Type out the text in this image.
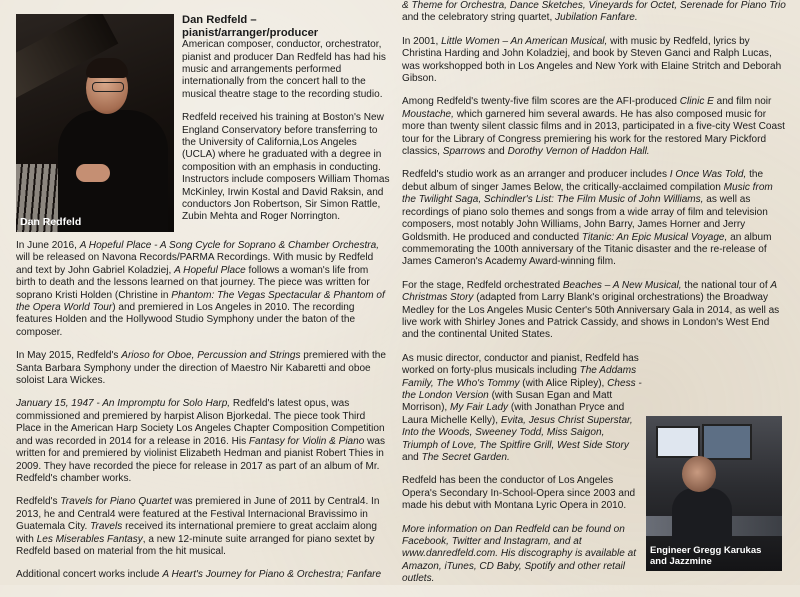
Dan Redfeld
Dan Redfeld –
pianist/arranger/producer

American composer, conductor, orchestrator, pianist and producer Dan Redfeld has had his music and arrangements performed internationally from the concert hall to the musical theatre stage to the recording studio.

Redfeld received his training at Boston's New England Conservatory before transferring to the University of California,Los Angeles (UCLA) where he graduated with a degree in composition with an emphasis in conducting. Instructors include composers William Thomas McKinley, Irwin Kostal and David Raksin, and conductors Jon Robertson, Sir Simon Rattle, Zubin Mehta and Roger Norrington.

In June 2016, A Hopeful Place - A Song Cycle for Soprano & Chamber Orchestra, will be released on Navona Records/PARMA Recordings. With music by Redfeld and text by John Gabriel Koladziej, A Hopeful Place follows a woman's life from birth to death and the lessons learned on that journey. The piece was written for soprano Kristi Holden (Christine in Phantom: The Vegas Spectacular & Phantom of the Opera World Tour) and premiered in Los Angeles in 2010. The recording features Holden and the Hollywood Studio Symphony under the baton of the composer.

In May 2015, Redfeld's Arioso for Oboe, Percussion and Strings premiered with the Santa Barbara Symphony under the direction of Maestro Nir Kabaretti and oboe soloist Lara Wickes.

January 15, 1947 - An Impromptu for Solo Harp, Redfeld's latest opus, was commissioned and premiered by harpist Alison Bjorkedal. The piece took Third Place in the American Harp Society Los Angeles Chapter Composition Competition and was recorded in 2014 for a release in 2016. His Fantasy for Violin & Piano was written for and premiered by violinist Elizabeth Hedman and pianist Robert Thies in 2009. They have recorded the piece for release in 2017 as part of an album of Mr. Redfeld's chamber works.

Redfeld's Travels for Piano Quartet was premiered in June of 2011 by Central4. In 2013, he and Central4 were featured at the Festival Internacional Bravissimo in Guatemala City. Travels received its international premiere to great acclaim along with Les Miserables Fantasy, a new 12-minute suite arranged for piano sextet by Redfeld based on material from the hit musical.

Additional concert works include A Heart's Journey for Piano & Orchestra; Fanfare

& Theme for Orchestra, Dance Sketches, Vineyards for Octet, Serenade for Piano Trio and the celebratory string quartet, Jubilation Fanfare.

In 2001, Little Women – An American Musical, with music by Redfeld, lyrics by Christina Harding and John Koladziej, and book by Steven Ganci and Ralph Lucas, was workshopped both in Los Angeles and New York with Elaine Stritch and Deborah Gibson.

Among Redfeld's twenty-five film scores are the AFI-produced Clinic E and film noir Moustache, which garnered him several awards. He has also composed music for more than twenty silent classic films and in 2013, participated in a five-city West Coast tour for the Library of Congress premiering his work for the restored Mary Pickford classics, Sparrows and Dorothy Vernon of Haddon Hall.

Redfeld's studio work as an arranger and producer includes I Once Was Told, the debut album of singer James Below, the critically-acclaimed compilation Music from the Twilight Saga, Schindler's List: The Film Music of John Williams, as well as recordings of piano solo themes and songs from a wide array of film and television composers, most notably John Williams, John Barry, James Horner and Jerry Goldsmith. He produced and conducted Titanic: An Epic Musical Voyage, an album commemorating the 100th anniversary of the Titanic disaster and the re-release of James Cameron's Academy Award-winning film.

For the stage, Redfeld orchestrated Beaches – A New Musical, the national tour of A Christmas Story (adapted from Larry Blank's original orchestrations) the Broadway Medley for the Los Angeles Music Center's 50th Anniversary Gala in 2014, as well as live work with Shirley Jones and Patrick Cassidy, and shows in London's West End and the continental United States.

As music director, conductor and pianist, Redfeld has worked on forty-plus musicals including The Addams Family, The Who's Tommy (with Alice Ripley), Chess - the London Version (with Susan Egan and Matt Morrison), My Fair Lady (with Jonathan Pryce and Laura Michelle Kelly), Evita, Jesus Christ Superstar, Into the Woods, Sweeney Todd, Miss Saigon, Triumph of Love, The Spitfire Grill, West Side Story and The Secret Garden.

Redfeld has been the conductor of Los Angeles Opera's Secondary In-School-Opera since 2003 and made his debut with Montana Lyric Opera in 2010.

More information on Dan Redfeld can be found on Facebook, Twitter and Instagram, and at www.danredfeld.com. His discography is available at Amazon, iTunes, CD Baby, Spotify and other retail outlets.

Engineer Gregg Karukas and Jazzmine
